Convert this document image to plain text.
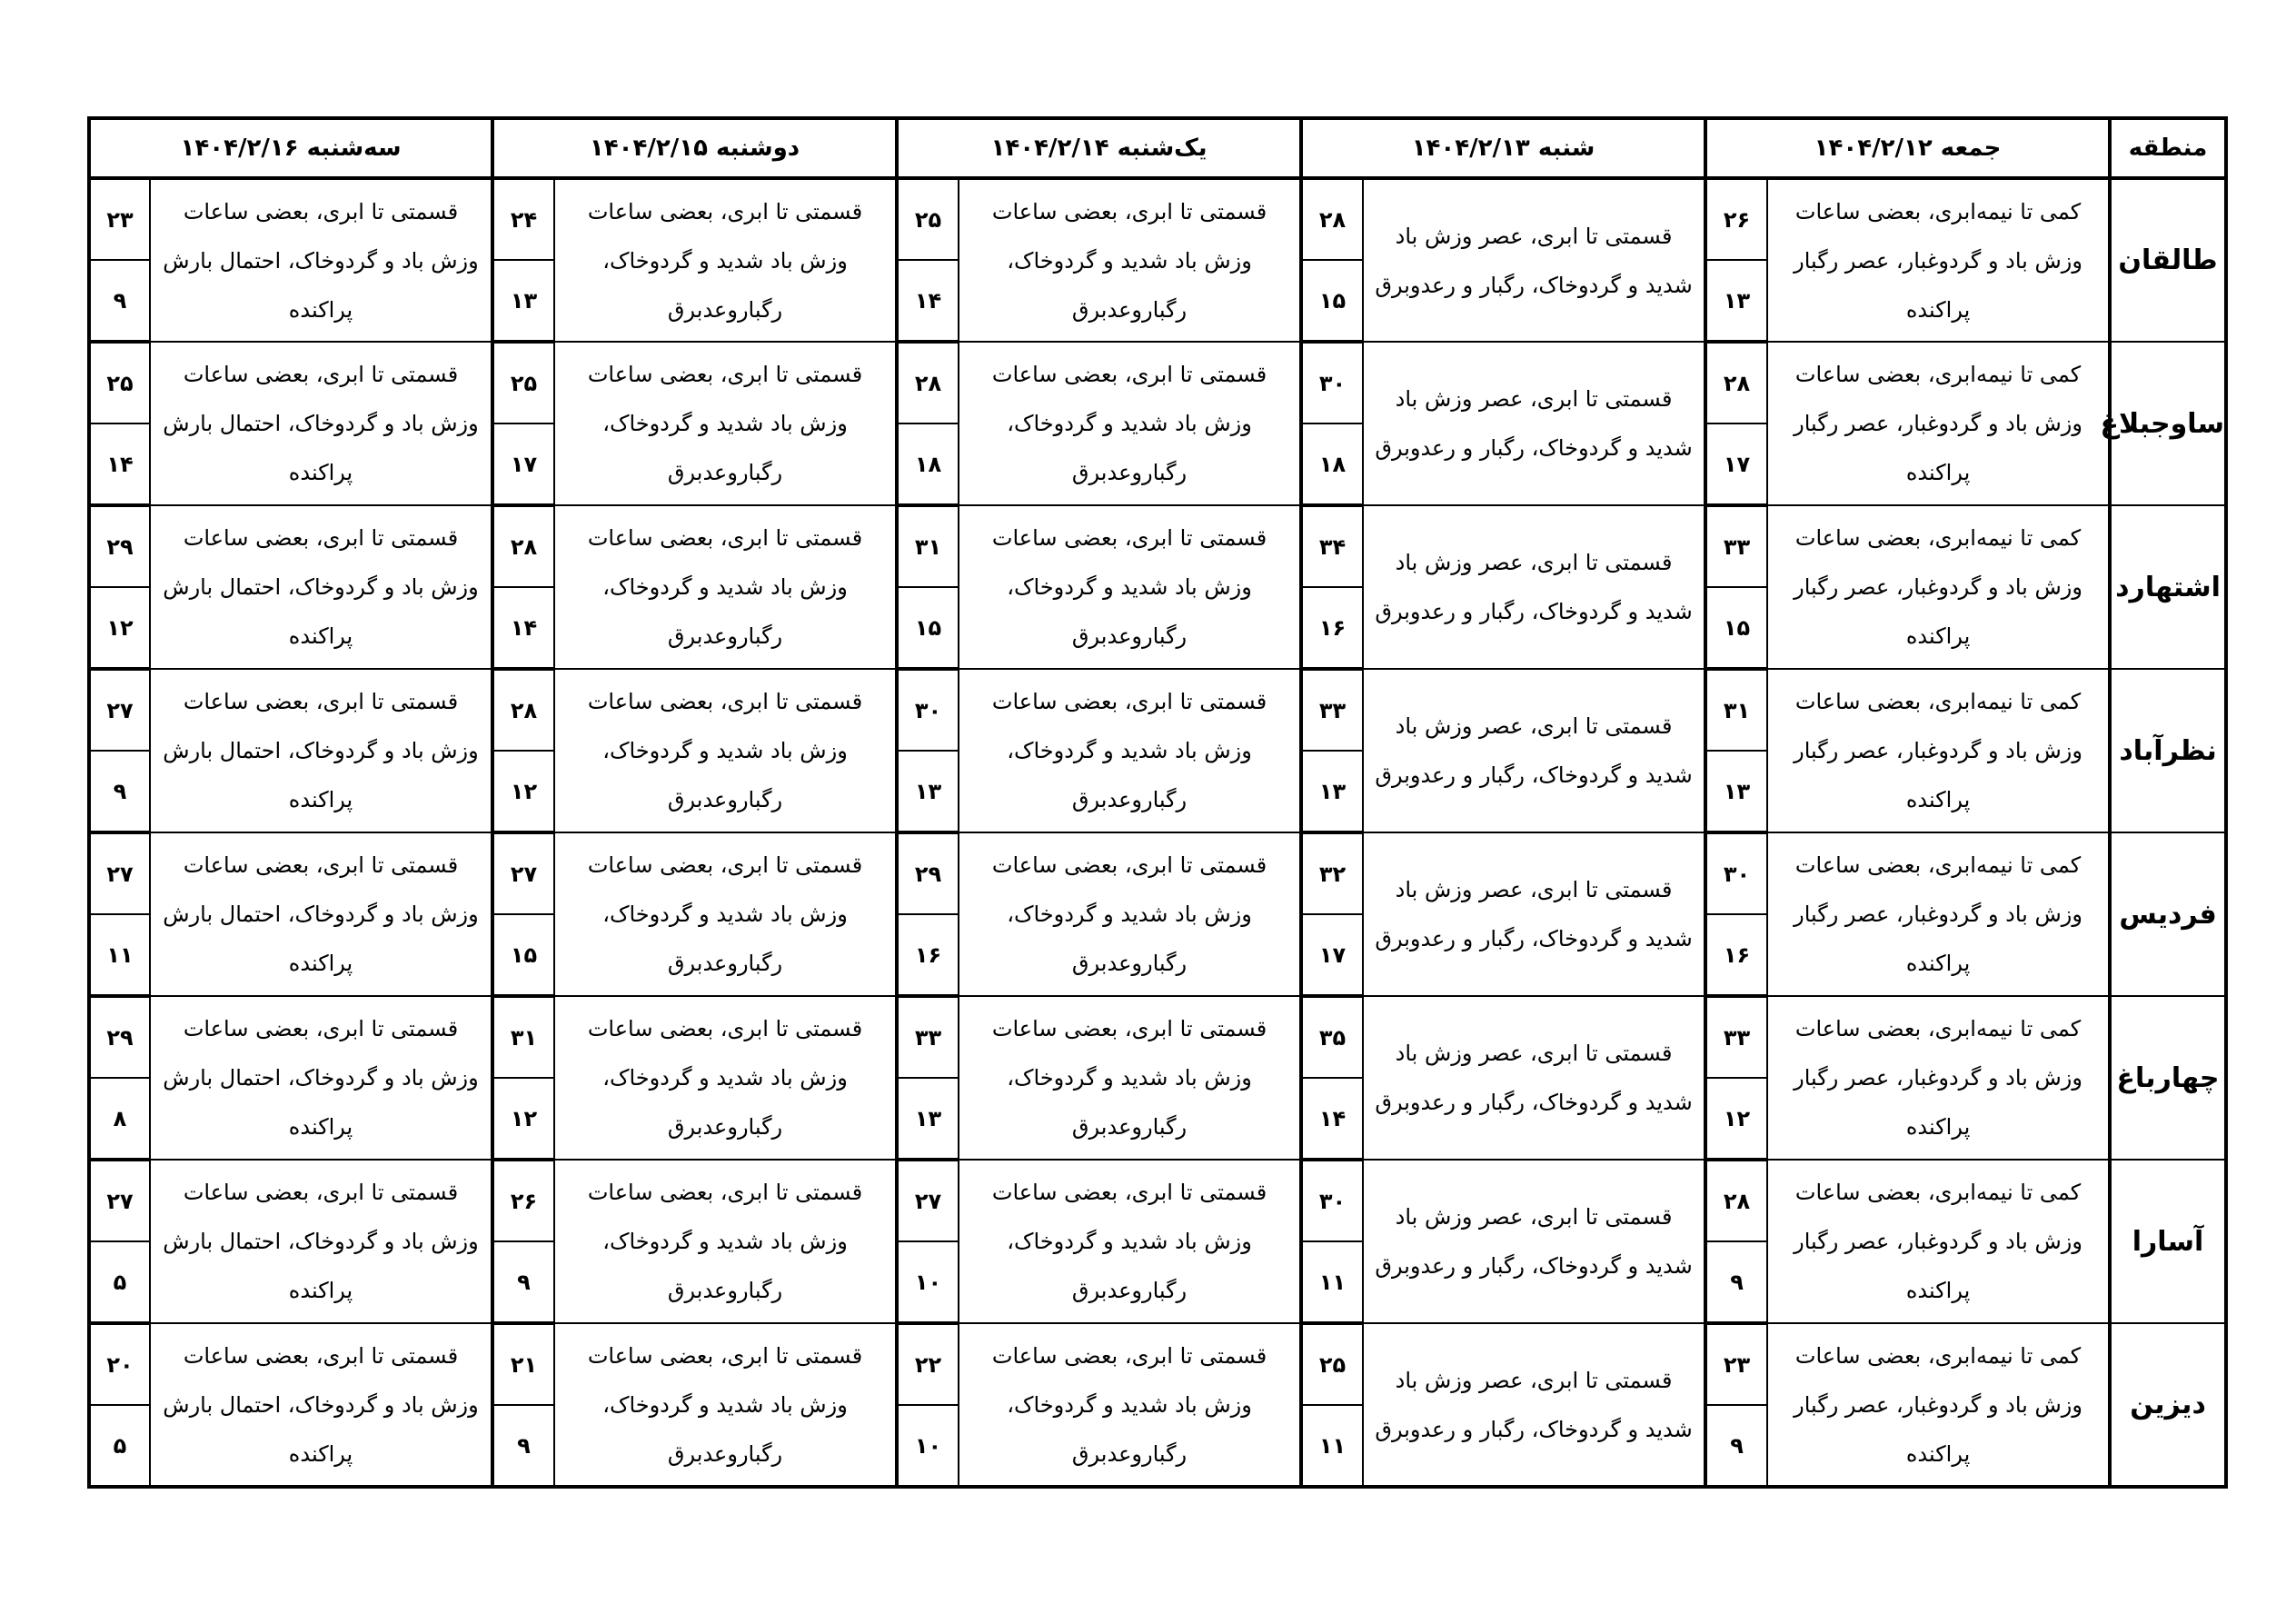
منطقه	جمعه ۱۴۰۴/۲/۱۲		شنبه ۱۴۰۴/۲/۱۳		یک‌شنبه ۱۴۰۴/۲/۱۴		دوشنبه ۱۴۰۴/۲/۱۵		سه‌شنبه ۱۴۰۴/۲/۱۶	
طالقان	کمی تا نیمه‌ابری، بعضی ساعات وزش باد و گردوغبار، عصر رگبار پراکنده	۲۶	قسمتی تا ابری، عصر وزش باد شدید و گردوخاک، رگبار و رعدوبرق	۲۸	قسمتی تا ابری، بعضی ساعات وزش باد شدید و گردوخاک، رگباروعدبرق	۲۵	قسمتی تا ابری، بعضی ساعات وزش باد شدید و گردوخاک، رگباروعدبرق	۲۴	قسمتی تا ابری، بعضی ساعات وزش باد و گردوخاک، احتمال بارش پراکنده	۲۳
		۱۳		۱۵		۱۴		۱۳		۹
ساوجبلاغ	کمی تا نیمه‌ابری، بعضی ساعات وزش باد و گردوغبار، عصر رگبار پراکنده	۲۸	قسمتی تا ابری، عصر وزش باد شدید و گردوخاک، رگبار و رعدوبرق	۳۰	قسمتی تا ابری، بعضی ساعات وزش باد شدید و گردوخاک، رگباروعدبرق	۲۸	قسمتی تا ابری، بعضی ساعات وزش باد شدید و گردوخاک، رگباروعدبرق	۲۵	قسمتی تا ابری، بعضی ساعات وزش باد و گردوخاک، احتمال بارش پراکنده	۲۵
		۱۷		۱۸		۱۸		۱۷		۱۴
اشتهارد	کمی تا نیمه‌ابری، بعضی ساعات وزش باد و گردوغبار، عصر رگبار پراکنده	۳۳	قسمتی تا ابری، عصر وزش باد شدید و گردوخاک، رگبار و رعدوبرق	۳۴	قسمتی تا ابری، بعضی ساعات وزش باد شدید و گردوخاک، رگباروعدبرق	۳۱	قسمتی تا ابری، بعضی ساعات وزش باد شدید و گردوخاک، رگباروعدبرق	۲۸	قسمتی تا ابری، بعضی ساعات وزش باد و گردوخاک، احتمال بارش پراکنده	۲۹
		۱۵		۱۶		۱۵		۱۴		۱۲
نظرآباد	کمی تا نیمه‌ابری، بعضی ساعات وزش باد و گردوغبار، عصر رگبار پراکنده	۳۱	قسمتی تا ابری، عصر وزش باد شدید و گردوخاک، رگبار و رعدوبرق	۳۳	قسمتی تا ابری، بعضی ساعات وزش باد شدید و گردوخاک، رگباروعدبرق	۳۰	قسمتی تا ابری، بعضی ساعات وزش باد شدید و گردوخاک، رگباروعدبرق	۲۸	قسمتی تا ابری، بعضی ساعات وزش باد و گردوخاک، احتمال بارش پراکنده	۲۷
		۱۳		۱۳		۱۳		۱۲		۹
فردیس	کمی تا نیمه‌ابری، بعضی ساعات وزش باد و گردوغبار، عصر رگبار پراکنده	۳۰	قسمتی تا ابری، عصر وزش باد شدید و گردوخاک، رگبار و رعدوبرق	۳۲	قسمتی تا ابری، بعضی ساعات وزش باد شدید و گردوخاک، رگباروعدبرق	۲۹	قسمتی تا ابری، بعضی ساعات وزش باد شدید و گردوخاک، رگباروعدبرق	۲۷	قسمتی تا ابری، بعضی ساعات وزش باد و گردوخاک، احتمال بارش پراکنده	۲۷
		۱۶		۱۷		۱۶		۱۵		۱۱
چهارباغ	کمی تا نیمه‌ابری، بعضی ساعات وزش باد و گردوغبار، عصر رگبار پراکنده	۳۳	قسمتی تا ابری، عصر وزش باد شدید و گردوخاک، رگبار و رعدوبرق	۳۵	قسمتی تا ابری، بعضی ساعات وزش باد شدید و گردوخاک، رگباروعدبرق	۳۳	قسمتی تا ابری، بعضی ساعات وزش باد شدید و گردوخاک، رگباروعدبرق	۳۱	قسمتی تا ابری، بعضی ساعات وزش باد و گردوخاک، احتمال بارش پراکنده	۲۹
		۱۲		۱۴		۱۳		۱۲		۸
آسارا	کمی تا نیمه‌ابری، بعضی ساعات وزش باد و گردوغبار، عصر رگبار پراکنده	۲۸	قسمتی تا ابری، عصر وزش باد شدید و گردوخاک، رگبار و رعدوبرق	۳۰	قسمتی تا ابری، بعضی ساعات وزش باد شدید و گردوخاک، رگباروعدبرق	۲۷	قسمتی تا ابری، بعضی ساعات وزش باد شدید و گردوخاک، رگباروعدبرق	۲۶	قسمتی تا ابری، بعضی ساعات وزش باد و گردوخاک، احتمال بارش پراکنده	۲۷
		۹		۱۱		۱۰		۹		۵
دیزین	کمی تا نیمه‌ابری، بعضی ساعات وزش باد و گردوغبار، عصر رگبار پراکنده	۲۳	قسمتی تا ابری، عصر وزش باد شدید و گردوخاک، رگبار و رعدوبرق	۲۵	قسمتی تا ابری، بعضی ساعات وزش باد شدید و گردوخاک، رگباروعدبرق	۲۲	قسمتی تا ابری، بعضی ساعات وزش باد شدید و گردوخاک، رگباروعدبرق	۲۱	قسمتی تا ابری، بعضی ساعات وزش باد و گردوخاک، احتمال بارش پراکنده	۲۰
		۹		۱۱		۱۰		۹		۵
